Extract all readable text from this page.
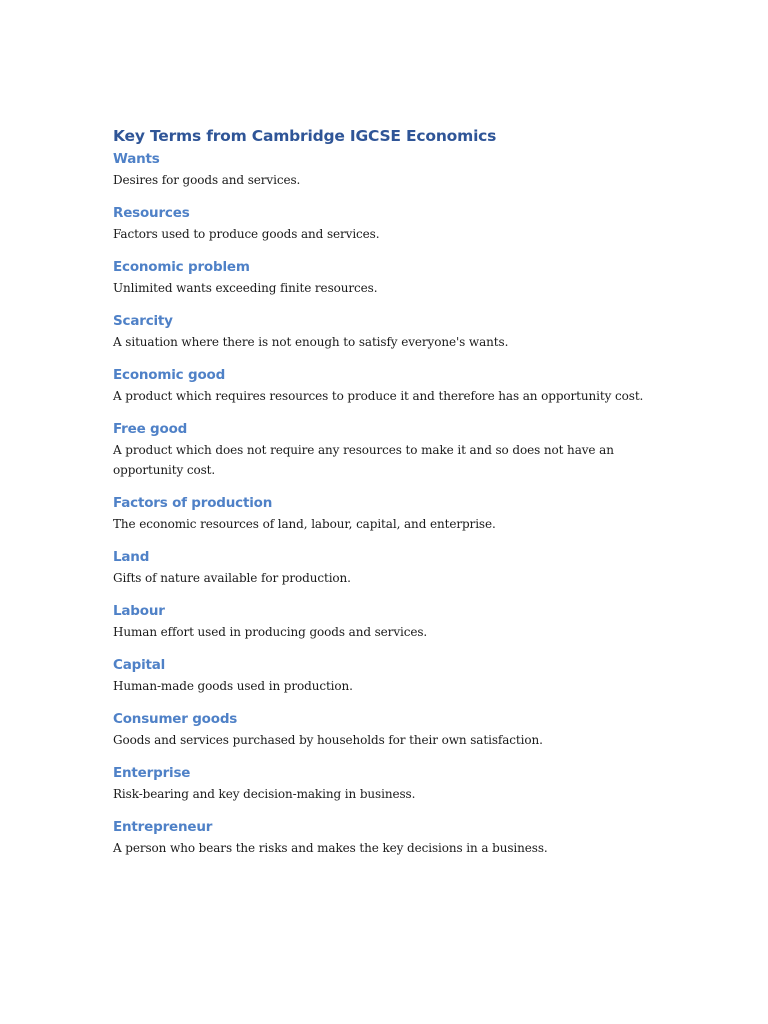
Key Terms from Cambridge IGCSE Economics
Wants

Desires for goods and services.

Resources

Factors used to produce goods and services.

Economic problem

Unlimited wants exceeding finite resources.

Scarcity

A situation where there is not enough to satisfy everyone's wants.

Economic good

A product which requires resources to produce it and therefore has an opportunity cost.

Free good

A product which does not require any resources to make it and so does not have an opportunity cost.

Factors of production

The economic resources of land, labour, capital, and enterprise.

Land

Gifts of nature available for production.

Labour

Human effort used in producing goods and services.

Capital

Human-made goods used in production.

Consumer goods

Goods and services purchased by households for their own satisfaction.

Enterprise

Risk-bearing and key decision-making in business.

Entrepreneur

A person who bears the risks and makes the key decisions in a business.
